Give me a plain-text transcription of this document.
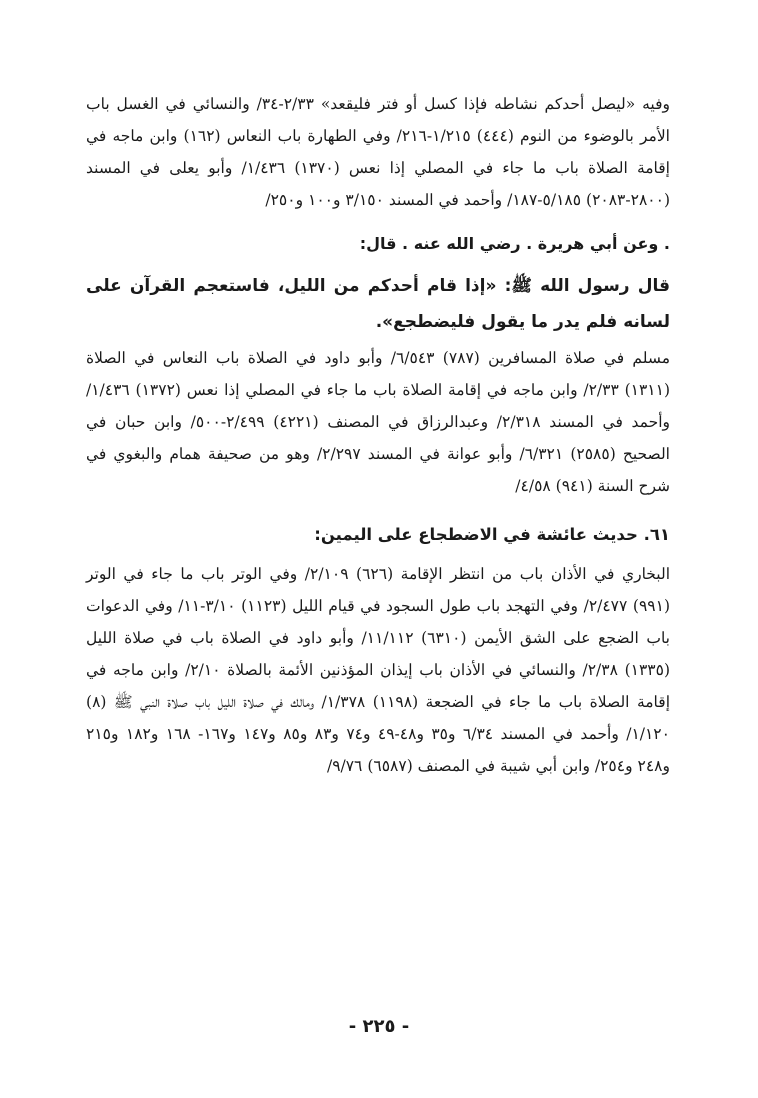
وفيه «ليصل أحدكم نشاطه فإذا كسل أو فتر فليقعد» ٢/٣٣-٣٤/ والنسائي في الغسل باب الأمر بالوضوء من النوم (٤٤٤) ١/٢١٥-٢١٦/ وفي الطهارة باب النعاس (١٦٢) وابن ماجه في إقامة الصلاة باب ما جاء في المصلي إذا نعس (١٣٧٠) ١/٤٣٦/ وأبو يعلى في المسند (٢٨٠٠-٢٠٨٣) ٥/١٨٥-١٨٧/ وأحمد في المسند ٣/١٥٠ و١٠٠ و٢٥٠/

. وعن أبي هريرة . رضي الله عنه . قال:

قال رسول الله ﷺ: «إذا قام أحدكم من الليل، فاستعجم القرآن على لسانه فلم يدر ما يقول فليضطجع».

مسلم في صلاة المسافرين (٧٨٧) ٦/٥٤٣/ وأبو داود في الصلاة باب النعاس في الصلاة (١٣١١) ٢/٣٣/ وابن ماجه في إقامة الصلاة باب ما جاء في المصلي إذا نعس (١٣٧٢) ١/٤٣٦/ وأحمد في المسند ٢/٣١٨/ وعبدالرزاق في المصنف (٤٢٢١) ٢/٤٩٩-٥٠٠/ وابن حبان في الصحيح (٢٥٨٥) ٦/٣٢١/ وأبو عوانة في المسند ٢/٢٩٧/ وهو من صحيفة همام والبغوي في شرح السنة (٩٤١) ٤/٥٨/

٦١. حديث عائشة في الاضطجاع على اليمين:

البخاري في الأذان باب من انتظر الإقامة (٦٢٦) ٢/١٠٩/ وفي الوتر باب ما جاء في الوتر (٩٩١) ٢/٤٧٧/ وفي التهجد باب طول السجود في قيام الليل (١١٢٣) ٣/١٠-١١/ وفي الدعوات باب الضجع على الشق الأيمن (٦٣١٠) ١١/١١٢/ وأبو داود في الصلاة باب في صلاة الليل (١٣٣٥) ٢/٣٨/ والنسائي في الأذان باب إيذان المؤذنين الأئمة بالصلاة ٢/١٠/ وابن ماجه في إقامة الصلاة باب ما جاء في الضجعة (١١٩٨) ١/٣٧٨/ ومالك في صلاة الليل باب صلاة النبي ﷺ (٨) ١/١٢٠/ وأحمد في المسند ٦/٣٤ و٣٥ و٤٨-٤٩ و٧٤ و٨٣ و٨٥ و١٤٧ و١٦٧- ١٦٨ و١٨٢ و٢١٥ و٢٤٨ و٢٥٤/ وابن أبي شيبة في المصنف (٦٥٨٧) ٩/٧٦/

- ٢٢٥ -
